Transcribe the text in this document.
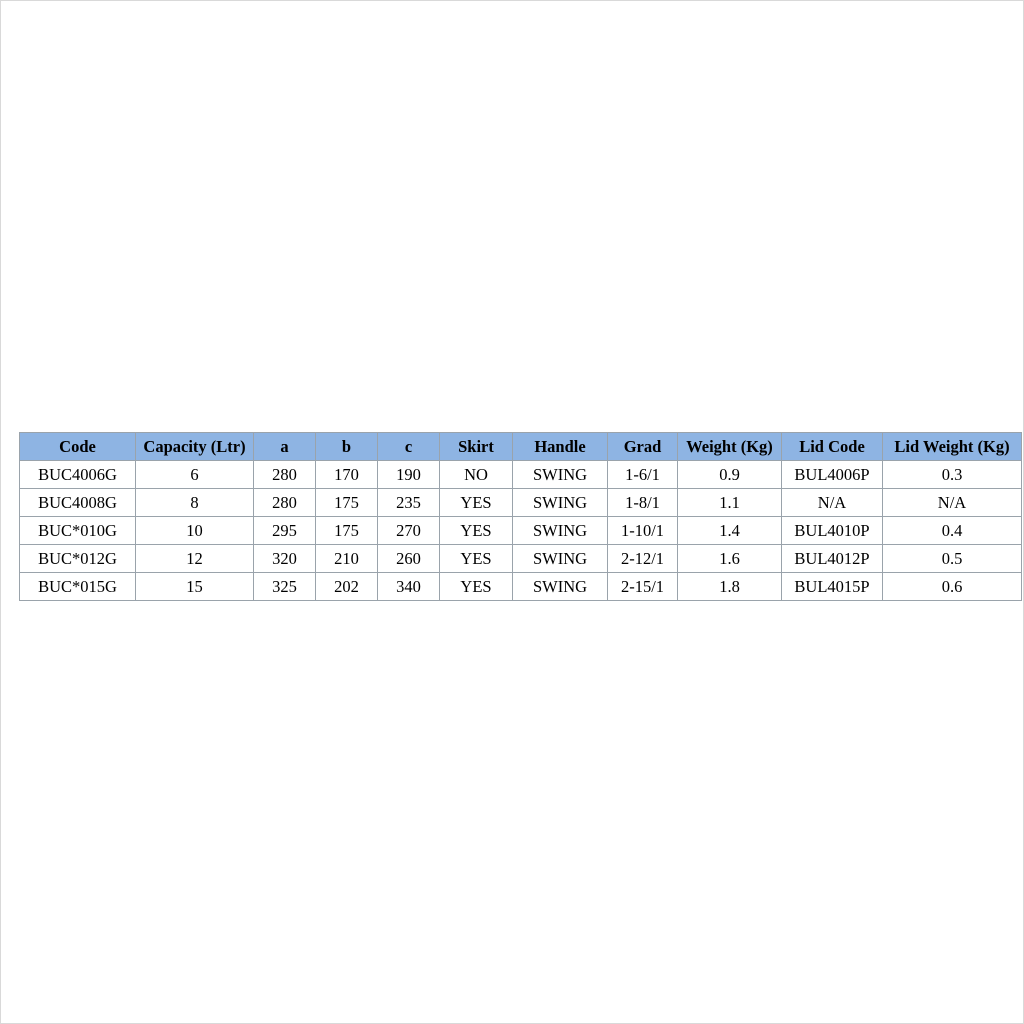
Code	Capacity (Ltr)	a	b	c	Skirt	Handle	Grad	Weight (Kg)	Lid Code	Lid Weight (Kg)
BUC4006G	6	280	170	190	NO	SWING	1-6/1	0.9	BUL4006P	0.3
BUC4008G	8	280	175	235	YES	SWING	1-8/1	1.1	N/A	N/A
BUC*010G	10	295	175	270	YES	SWING	1-10/1	1.4	BUL4010P	0.4
BUC*012G	12	320	210	260	YES	SWING	2-12/1	1.6	BUL4012P	0.5
BUC*015G	15	325	202	340	YES	SWING	2-15/1	1.8	BUL4015P	0.6
